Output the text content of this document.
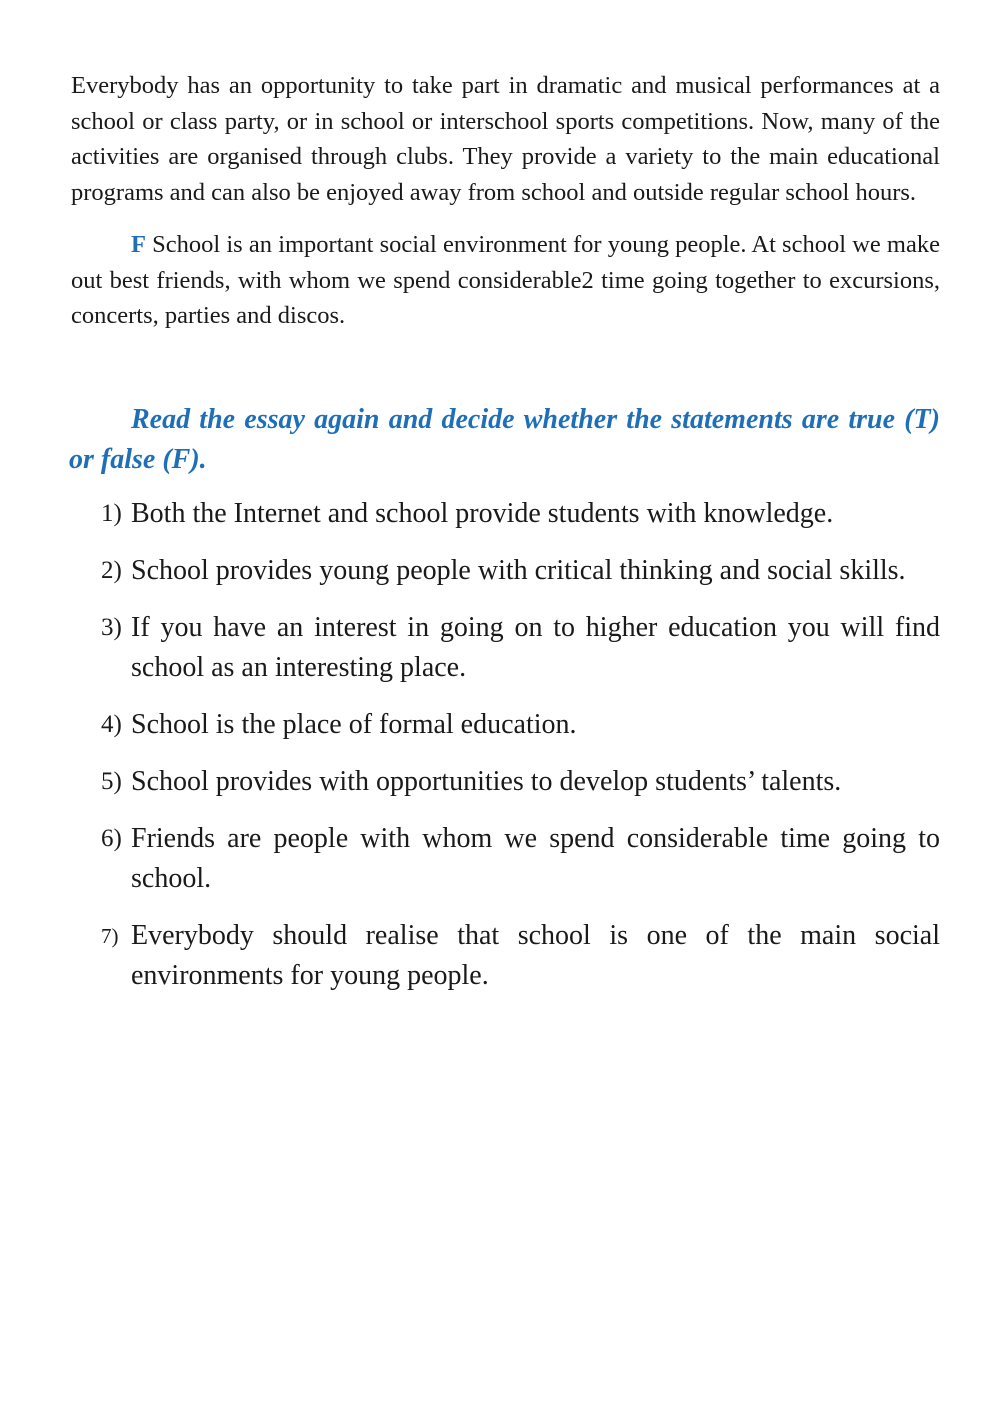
Everybody has an opportunity to take part in dramatic and musical performances at a school or class party, or in school or interschool sports competitions. Now, many of the activities are organised through clubs. They provide a variety to the main educational programs and can also be enjoyed away from school and outside regular school hours.

F School is an important social environment for young people. At school we make out best friends, with whom we spend considerable2 time going together to excursions, concerts, parties and discos.

Read the essay again and decide whether the statements are true (T) or false (F).

1) Both the Internet and school provide students with knowledge.
2) School provides young people with critical thinking and social skills.
3) If you have an interest in going on to higher education you will find school as an interesting place.
4) School is the place of formal education.
5) School provides with opportunities to develop students’ talents.
6) Friends are people with whom we spend considerable time going to school.
7) Everybody should realise that school is one of the main social environments for young people.
